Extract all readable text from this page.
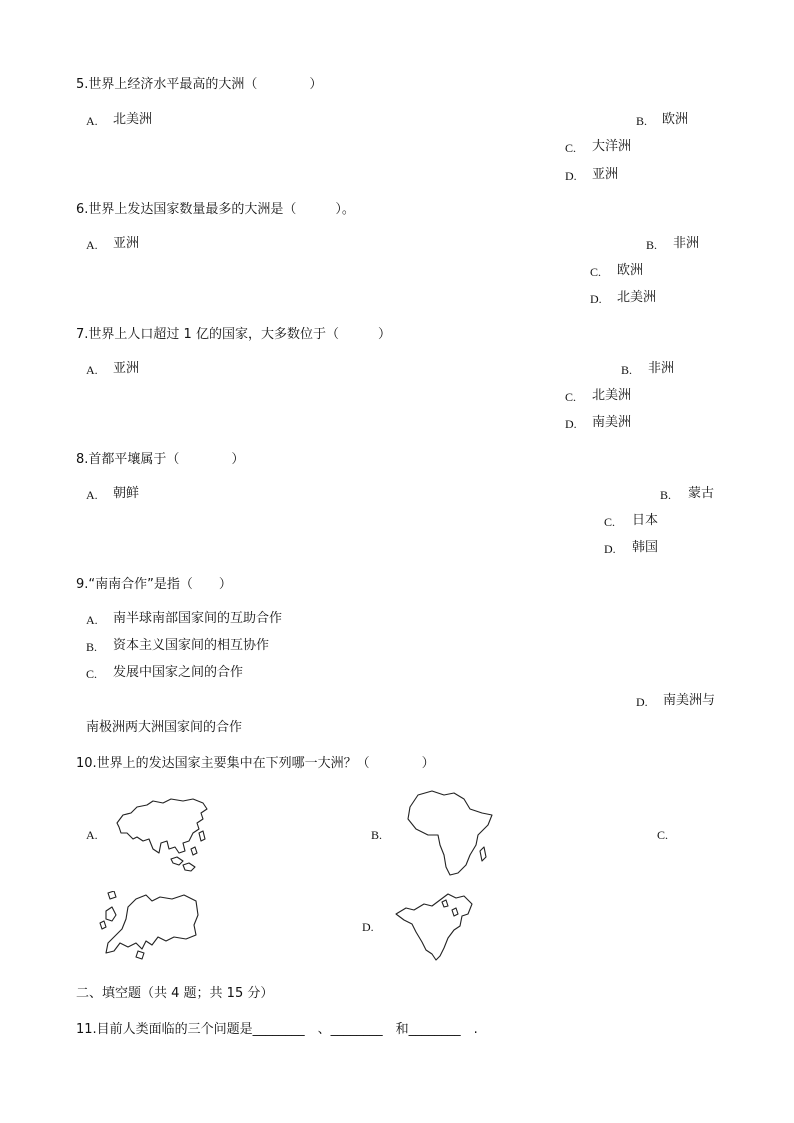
5.世界上经济水平最高的大洲（　　　　）
A. 北美洲	B. 欧洲
C. 大洋洲
D. 亚洲
6.世界上发达国家数量最多的大洲是（　　　）。
A. 亚洲	B. 非洲
C. 欧洲
D. 北美洲
7.世界上人口超过 1 亿的国家，大多数位于（　　　）
A. 亚洲	B. 非洲
C. 北美洲
D. 南美洲
8.首都平壤属于（　　　　）
A. 朝鲜	B. 蒙古
C. 日本
D. 韩国
9.“南南合作”是指（　　）
A. 南半球南部国家间的互助合作
B. 资本主义国家间的相互协作
C. 发展中国家之间的合作
D. 南美洲与
南极洲两大洲国家间的合作
10.世界上的发达国家主要集中在下列哪一大洲？（　　　　）
A.	B.	C.
D.
二、填空题（共 4 题；共 15 分）
11.目前人类面临的三个问题是________　、________　和________　.
